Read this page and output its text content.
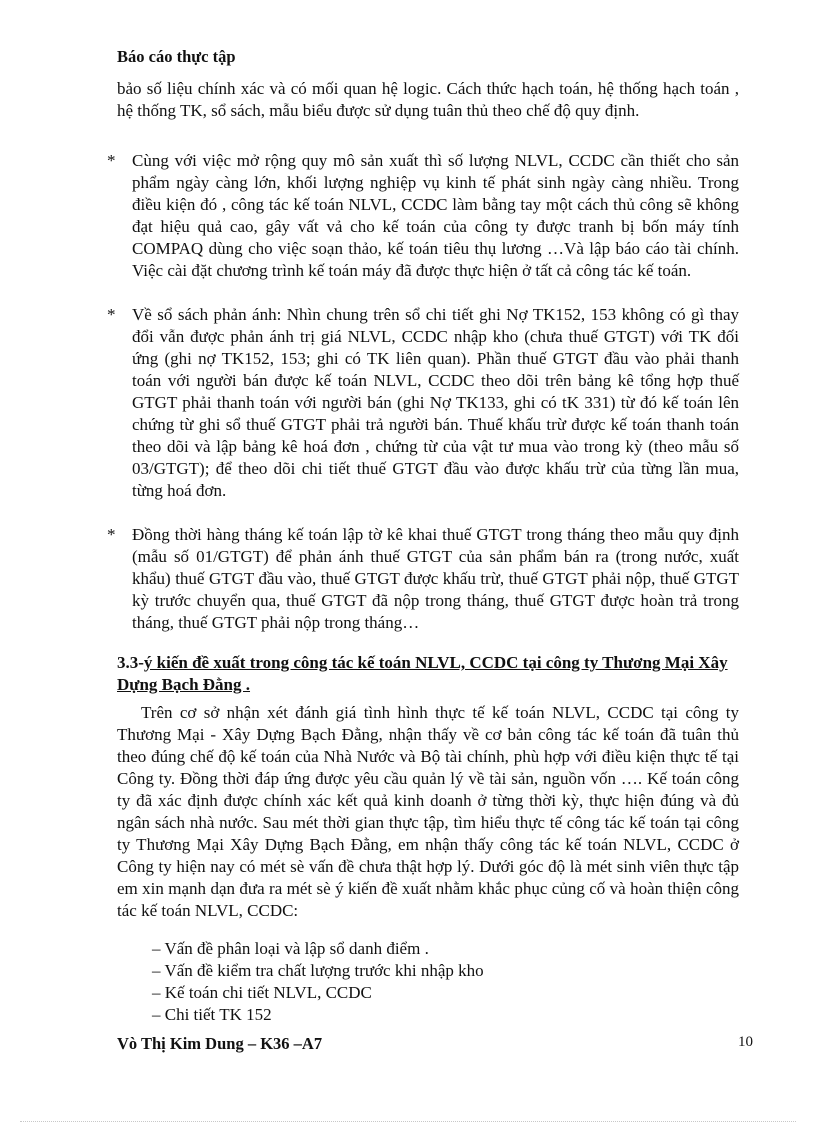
Báo cáo thực tập
bảo số liệu chính xác và có mối quan hệ logic. Cách thức hạch toán, hệ thống hạch toán , hệ thống TK, sổ sách, mẫu biểu được sử dụng tuân thủ theo chế độ quy định.
* Cùng với việc mở rộng quy mô sản xuất thì số lượng NLVL, CCDC cần thiết cho sản phẩm ngày càng lớn, khối lượng nghiệp vụ kinh tế phát sinh ngày càng nhiều. Trong điều kiện đó , công tác kế toán NLVL, CCDC làm bằng tay một cách thủ công sẽ không đạt hiệu quả cao, gây vất vả cho kế toán của công ty được tranh bị bốn máy tính COMPAQ dùng cho việc soạn thảo, kế toán tiêu thụ lương …Và lập báo cáo tài chính. Việc cài đặt chương trình kế toán máy đã được thực hiện ở tất cả công tác kế toán.
* Về sổ sách phản ánh: Nhìn chung trên sổ chi tiết ghi Nợ TK152, 153 không có gì thay đổi vẫn được phản ánh trị giá NLVL, CCDC nhập kho (chưa thuế GTGT) với TK đối ứng (ghi nợ TK152, 153; ghi có TK liên quan). Phần thuế GTGT đầu vào phải thanh toán với người bán được kế toán NLVL, CCDC theo dõi trên bảng kê tổng hợp thuế GTGT phải thanh toán với người bán (ghi Nợ TK133, ghi có tK 331) từ đó kế toán lên chứng từ ghi sổ thuế GTGT phải trả người bán. Thuế khấu trừ được kế toán thanh toán theo dõi và lập bảng kê hoá đơn , chứng từ của vật tư mua vào trong kỳ (theo mẫu số 03/GTGT); để theo dõi chi tiết thuế GTGT đầu vào được khấu trừ của từng lần mua, từng hoá đơn.
* Đồng thời hàng tháng kế toán lập tờ kê khai thuế GTGT trong tháng theo mẫu quy định (mẫu số 01/GTGT) để phản ánh thuế GTGT của sản phẩm bán ra (trong nước, xuất khẩu) thuế GTGT đầu vào, thuế GTGT được khấu trừ, thuế GTGT phải nộp, thuế GTGT kỳ trước chuyển qua, thuế GTGT đã nộp trong tháng, thuế GTGT được hoàn trả trong tháng, thuế GTGT phải nộp trong tháng…
3.3-ý kiến đề xuất trong công tác kế toán NLVL, CCDC tại công ty Thương Mại Xây Dựng Bạch Đằng .
Trên cơ sở nhận xét đánh giá tình hình thực tế kế toán NLVL, CCDC tại công ty Thương Mại - Xây Dựng Bạch Đằng, nhận thấy về cơ bản công tác kế toán đã tuân thủ theo đúng chế độ kế toán của Nhà Nước và Bộ tài chính, phù hợp với điều kiện thực tế tại Công ty. Đồng thời đáp ứng được yêu cầu quản lý về tài sản, nguồn vốn …. Kế toán công ty đã xác định được chính xác kết quả kinh doanh ở từng thời kỳ, thực hiện đúng và đủ ngân sách nhà nước. Sau mét thời gian thực tập, tìm hiểu thực tế công tác kế toán tại công ty Thương Mại Xây Dựng Bạch Đằng, em nhận thấy công tác kế toán NLVL, CCDC ở Công ty hiện nay có mét sè vấn đề chưa thật hợp lý. Dưới góc độ là mét sinh viên thực tập em xin mạnh dạn đưa ra mét sè ý kiến đề xuất nhằm khắc phục củng cố và hoàn thiện công tác kế toán NLVL, CCDC:
– Vấn đề phân loại và lập sổ danh điểm .
– Vấn đề kiểm tra chất lượng trước khi nhập kho
– Kế toán chi tiết NLVL, CCDC
– Chi tiết TK 152
Vò Thị Kim Dung – K36 –A7	10
